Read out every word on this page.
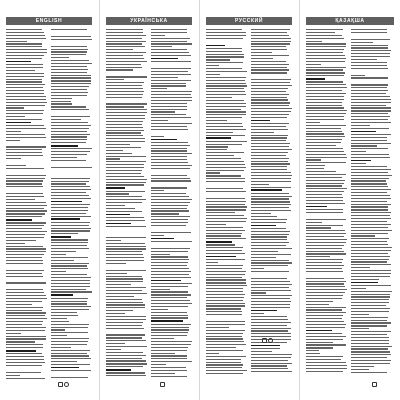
ENGLISH	УКРАЇНСЬКА	РУССКИЙ	ҚАЗАҚША
